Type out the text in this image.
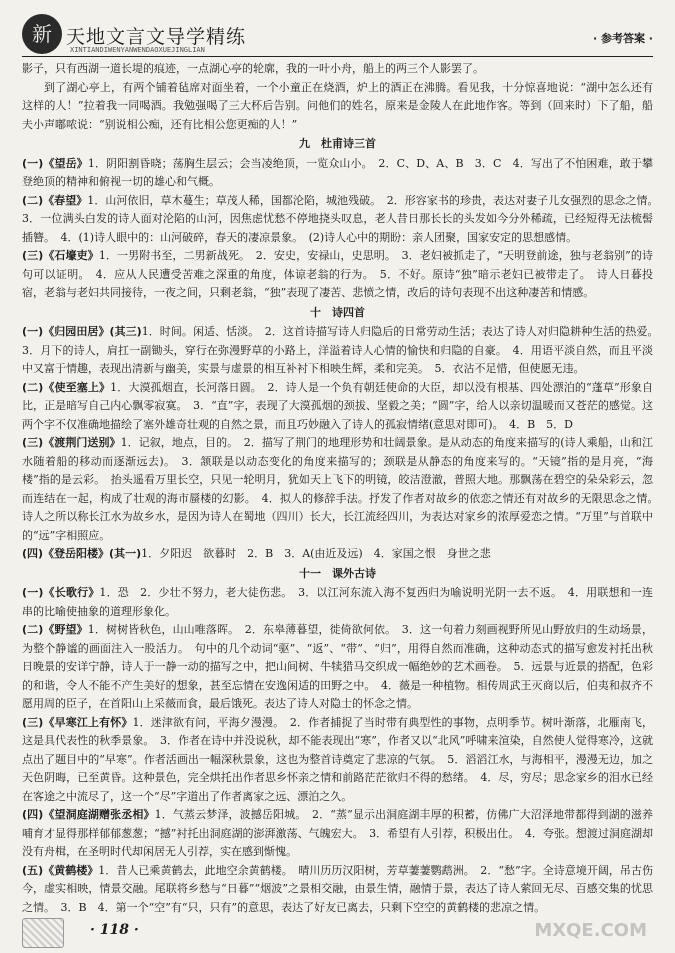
新 天地文言文导学精练
XINTIANDIWENYANWENDAOXUEJINGLIAN
· 参考答案 ·

影子，只有西湖一道长堤的痕迹，一点湖心亭的轮廓，我的一叶小舟，船上的两三个人影罢了。

到了湖心亭上，有两个铺着毡席对面坐着，一个小童正在烧酒，炉上的酒正在沸腾。看见我，十分惊喜地说：“湖中怎么还有这样的人！”拉着我一同喝酒。我勉强喝了三大杯后告别。问他们的姓名，原来是金陵人在此地作客。等到（回来时）下了船，船夫小声嘟哝说：“别说相公痴，还有比相公您更痴的人！”

九　杜甫诗三首

(一)《望岳》1．阴阳割昏晓；荡胸生层云；会当凌绝顶，一览众山小。　2．C、D、A、B　3．C　4．写出了不怕困难，敢于攀登绝顶的精神和俯视一切的雄心和气概。

(二)《春望》1．山河依旧，草木蔓生；草茂人稀，国都沦陷，城池残破。　2．形容家书的珍贵，表达对妻子儿女强烈的思念之情。　3．一位满头白发的诗人面对沦陷的山河，因焦虑忧愁不停地挠头叹息，老人昔日那长长的头发如今分外稀疏，已经短得无法梳髻插簪。　4．(1)诗人眼中的：山河破碎，春天的凄凉景象。　(2)诗人心中的期盼：亲人团聚，国家安定的思想感情。

(三)《石壕吏》1．一男附书至，二男新战死。　2．安史，安禄山，史思明。　3．老妇被抓走了，“天明登前途，独与老翁别”的诗句可以证明。　4．应从人民遭受苦难之深重的角度，体谅老翁的行为。　5．不好。原诗“独”暗示老妇已被带走了。　诗人日暮投宿，老翁与老妇共同接待，一夜之间，只剩老翁，“独”表现了凄苦、悲愤之情，改后的诗句表现不出这种凄苦和情感。

十　诗四首

(一)《归园田居》(其三)1．时间。闲适、恬淡。　2．这首诗描写诗人归隐后的日常劳动生活；表达了诗人对归隐耕种生活的热爱。　3．月下的诗人，肩扛一副锄头，穿行在弥漫野草的小路上，洋溢着诗人心情的愉快和归隐的自豪。　4．用语平淡自然，而且平淡中又富于情趣，表现出清新与幽美，实景与虚景的相互补衬下相映生辉，柔和完美。　5．衣沾不足惜，但使愿无违。

(二)《使至塞上》1．大漠孤烟直，长河落日圆。　2．诗人是一个负有朝廷使命的大臣，却以没有根基、四处漂泊的“蓬草”形象自比，正是暗写自己内心飘零寂寞。　3．“直”字，表现了大漠孤烟的颈拔、坚毅之美；“圆”字，给人以亲切温暖而又苍茫的感觉。这两个字不仅准确地描绘了塞外雄奇壮观的自然之景，而且巧妙融入了诗人的孤寂情绪(意思对即可)。　4．B　5．D

(三)《渡荆门送别》1．记叙，地点，目的。　2．描写了荆门的地理形势和壮阔景象。是从动态的角度来描写的(诗人乘船，山和江水随着船的移动而逐渐远去)。　3．颔联是以动态变化的角度来描写的；颈联是从静态的角度来写的。“天镜”指的是月亮，“海楼”指的是云彩。　抬头遥看万里长空，只见一轮明月，犹如天上飞下的明镜，皎洁澄澈，普照大地。那飘荡在碧空的朵朵彩云，忽而连结在一起，构成了壮观的海市蜃楼的幻影。　4．拟人的修辞手法。抒发了作者对故乡的依恋之情还有对故乡的无限思念之情。　诗人之所以称长江水为故乡水，是因为诗人在蜀地（四川）长大，长江流经四川，为表达对家乡的浓厚爱恋之情。“万里”与首联中的“远”字相照应。

(四)《登岳阳楼》(其一)1．夕阳迟　欲暮时　2．B　3．A(由近及远)　4．家国之恨　身世之悲

十一　课外古诗

(一)《长歌行》1．恐　2．少壮不努力，老大徒伤悲。　3．以江河东流入海不复西归为喻说明光阴一去不返。　4．用联想和一连串的比喻使抽象的道理形象化。

(二)《野望》1．树树皆秋色，山山唯落晖。　2．东皋薄暮望，徙倚欲何依。　3．这一句着力刻画视野所见山野放归的生动场景，为整个静谧的画面注入一股活力。　句中的几个动词“驱”、“返”、“带”、“归”，用得自然而准确，这种动态式的描写愈发衬托出秋日晚景的安详宁静，诗人于一静一动的描写之中，把山间树、牛犊猎马交织成一幅绝妙的艺术画卷。　5．远景与近景的搭配，色彩的和谐，令人不能不产生美好的想象，甚至忘情在安逸闲适的田野之中。　4．薇是一种植物。相传周武王灭商以后，伯夷和叔齐不愿用周的臣子，在首阳山上采薇而食，最后饿死。表达了诗人对隐士的怀念之情。

(三)《早寒江上有怀》1．迷津欲有问，平海夕漫漫。　2．作者捕捉了当时带有典型性的事物，点明季节。树叶渐落，北雁南飞，这是具代表性的秋季景象。　3．作者在诗中并没说秋，却不能表现出“寒”，作者又以“北风”呼啸来渲染，自然使人觉得寒冷，这就点出了题目中的“早寒”。作者活画出一幅深秋景象，这也为整首诗奠定了悲凉的气氛。　5．滔滔江水，与海相平，漫漫无边，加之天色阴晦，已至黄昏。这种景色，完全烘托出作者思乡怀亲之情和前路茫茫欲归不得的愁绪。　4．尽，穷尽；思念家乡的泪水已经在客途之中流尽了，这一个“尽”字道出了作者离家之远、漂泊之久。

(四)《望洞庭湖赠张丞相》1．气蒸云梦泽，波撼岳阳城。　2．“蒸”显示出洞庭湖丰厚的积蓄，仿佛广大沼泽地带都得到湖的滋养哺育才显得那样郁郁葱葱；“撼”衬托出洞庭湖的澎湃激荡、气魄宏大。　3．希望有人引荐，积极出仕。　4．夸张。想渡过洞庭湖却没有舟楫，在圣明时代却闲居无人引荐，实在感到惭愧。

(五)《黄鹤楼》1．昔人已乘黄鹤去，此地空余黄鹤楼。　晴川历历汉阳树，芳草萋萋鹦鹉洲。　2．“愁”字。全诗意境开阔，吊古伤今，虚实相映，情景交融。尾联将乡愁与“日暮”“烟波”之景相交融，由景生情，融情于景，表达了诗人萦回无尽、百感交集的忧思之情。　3．B　4．第一个“空”有“只，只有”的意思，表达了好友已离去，只剩下空空的黄鹤楼的悲凉之情。

· 118 ·	MXQE.COM
